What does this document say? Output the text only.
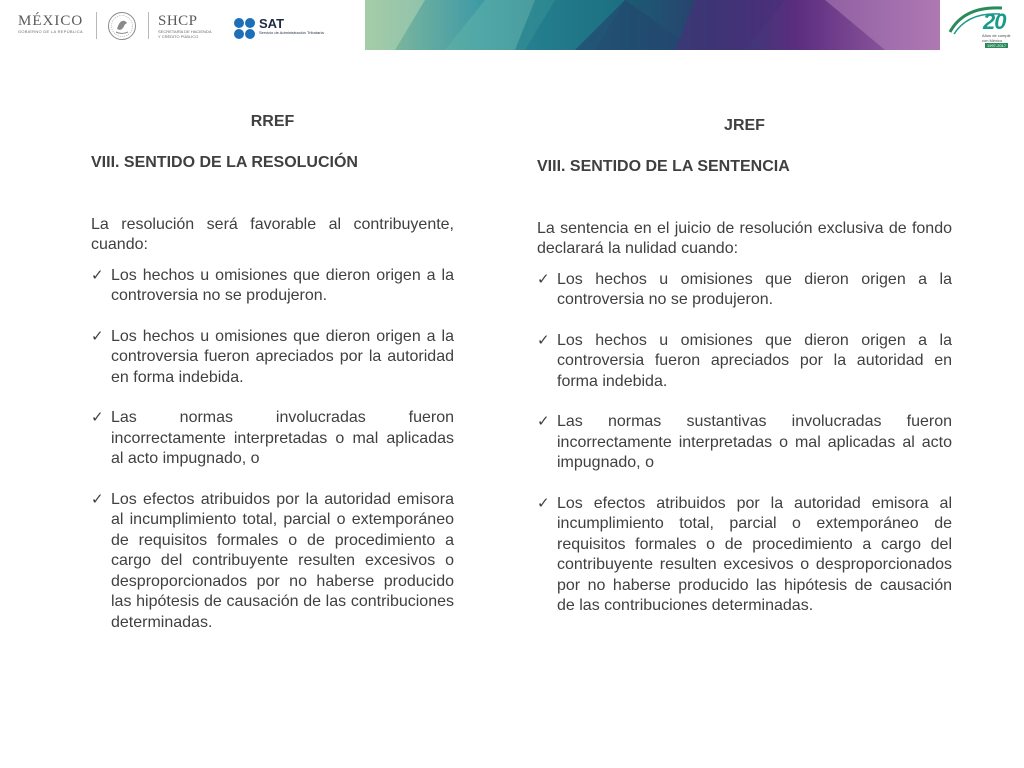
MÉXICO
GOBIERNO DE LA REPÚBLICA
SHCP
SECRETARÍA DE HACIENDA
Y CRÉDITO PÚBLICO
SAT
Servicio de Administración Tributaria	20
Años de cumplir
con México
1997-2017
RREF
VIII. SENTIDO DE LA RESOLUCIÓN
La resolución será favorable al contribuyente, cuando:
✓ Los hechos u omisiones que dieron origen a la controversia no se produjeron.
✓ Los hechos u omisiones que dieron origen a la controversia fueron apreciados por la autoridad en forma indebida.
✓ Las normas involucradas fueron incorrectamente interpretadas o mal aplicadas al acto impugnado, o
✓ Los efectos atribuidos por la autoridad emisora al incumplimiento total, parcial o extemporáneo de requisitos formales o de procedimiento a cargo del contribuyente resulten excesivos o desproporcionados por no haberse producido las hipótesis de causación de las contribuciones determinadas.
JREF
VIII. SENTIDO DE LA SENTENCIA
La sentencia en el juicio de resolución exclusiva de fondo declarará la nulidad cuando:
✓ Los hechos u omisiones que dieron origen a la controversia no se produjeron.
✓ Los hechos u omisiones que dieron origen a la controversia fueron apreciados por la autoridad en forma indebida.
✓ Las normas sustantivas involucradas fueron incorrectamente interpretadas o mal aplicadas al acto impugnado, o
✓ Los efectos atribuidos por la autoridad emisora al incumplimiento total, parcial o extemporáneo de requisitos formales o de procedimiento a cargo del contribuyente resulten excesivos o desproporcionados por no haberse producido las hipótesis de causación de las contribuciones determinadas.
